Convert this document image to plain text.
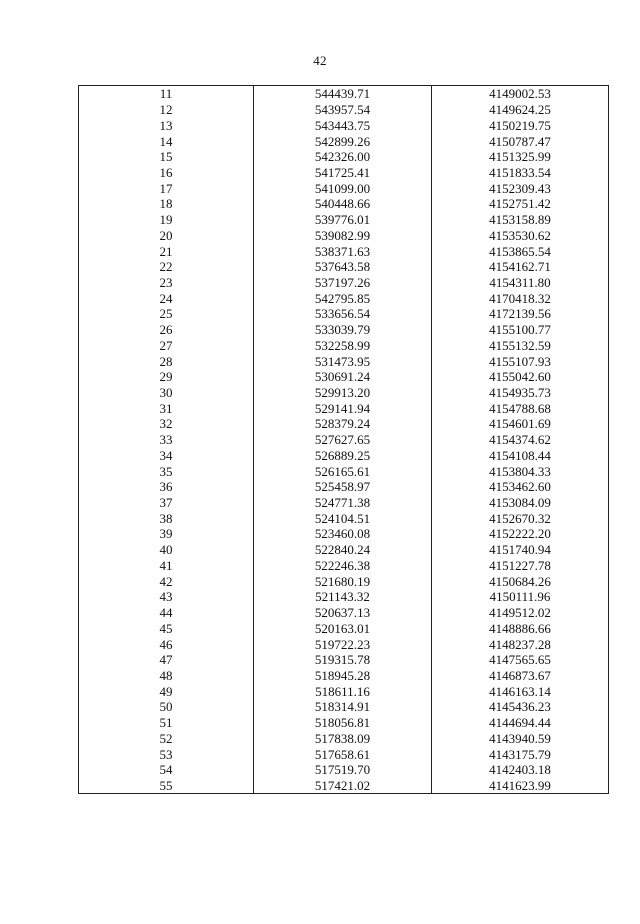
42
11	544439.71	4149002.53
12	543957.54	4149624.25
13	543443.75	4150219.75
14	542899.26	4150787.47
15	542326.00	4151325.99
16	541725.41	4151833.54
17	541099.00	4152309.43
18	540448.66	4152751.42
19	539776.01	4153158.89
20	539082.99	4153530.62
21	538371.63	4153865.54
22	537643.58	4154162.71
23	537197.26	4154311.80
24	542795.85	4170418.32
25	533656.54	4172139.56
26	533039.79	4155100.77
27	532258.99	4155132.59
28	531473.95	4155107.93
29	530691.24	4155042.60
30	529913.20	4154935.73
31	529141.94	4154788.68
32	528379.24	4154601.69
33	527627.65	4154374.62
34	526889.25	4154108.44
35	526165.61	4153804.33
36	525458.97	4153462.60
37	524771.38	4153084.09
38	524104.51	4152670.32
39	523460.08	4152222.20
40	522840.24	4151740.94
41	522246.38	4151227.78
42	521680.19	4150684.26
43	521143.32	4150111.96
44	520637.13	4149512.02
45	520163.01	4148886.66
46	519722.23	4148237.28
47	519315.78	4147565.65
48	518945.28	4146873.67
49	518611.16	4146163.14
50	518314.91	4145436.23
51	518056.81	4144694.44
52	517838.09	4143940.59
53	517658.61	4143175.79
54	517519.70	4142403.18
55	517421.02	4141623.99
